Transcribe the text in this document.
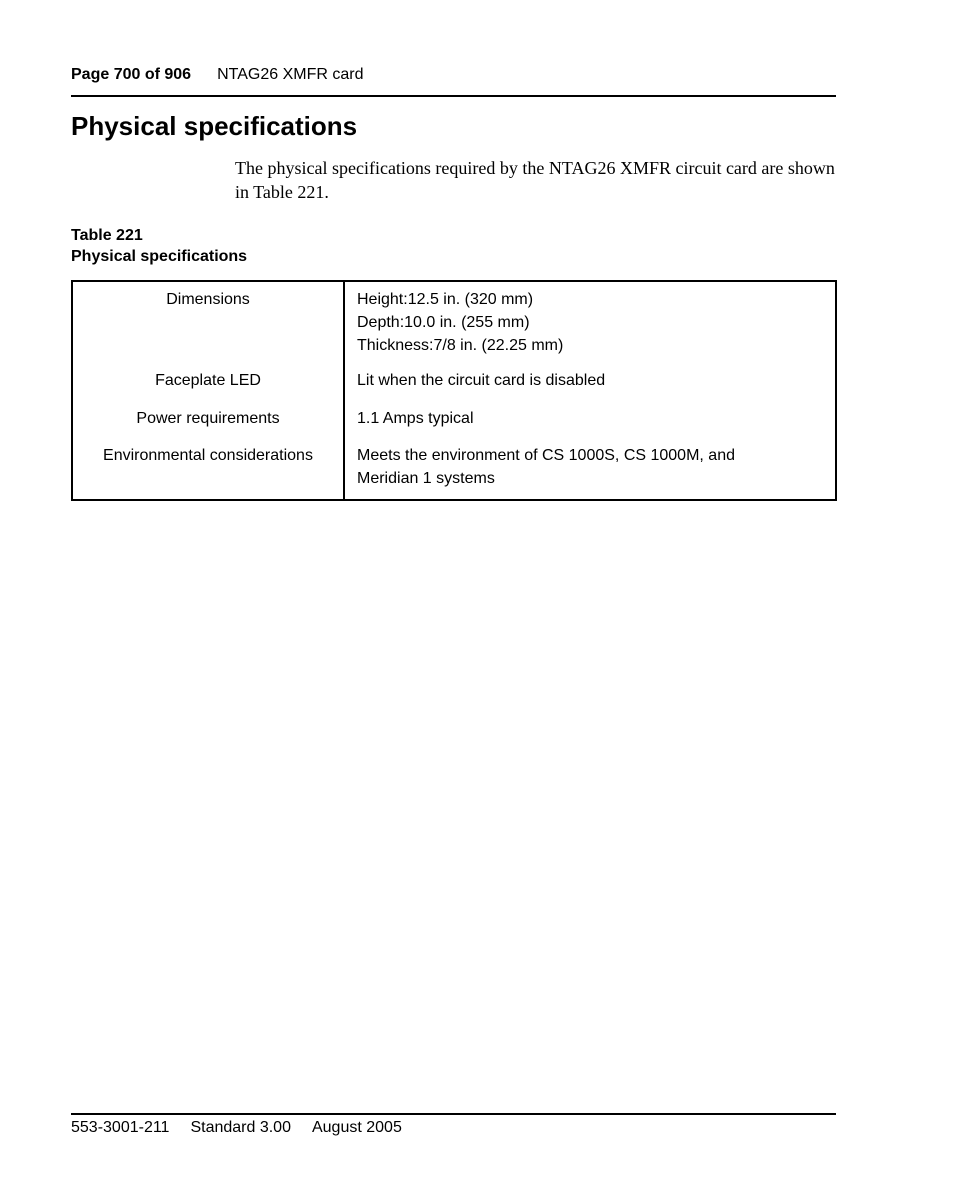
Page 700 of 906 NTAG26 XMFR card
Physical specifications

The physical specifications required by the NTAG26 XMFR circuit card are shown in Table 221.

Table 221
Physical specifications
Dimensions	Height:12.5 in. (320 mm)
Depth:10.0 in. (255 mm)
Thickness:7/8 in. (22.25 mm)

Faceplate LED	Lit when the circuit card is disabled

Power requirements	1.1 Amps typical

Environmental considerations	Meets the environment of CS 1000S, CS 1000M, and Meridian 1 systems
553-3001-211 Standard 3.00 August 2005
